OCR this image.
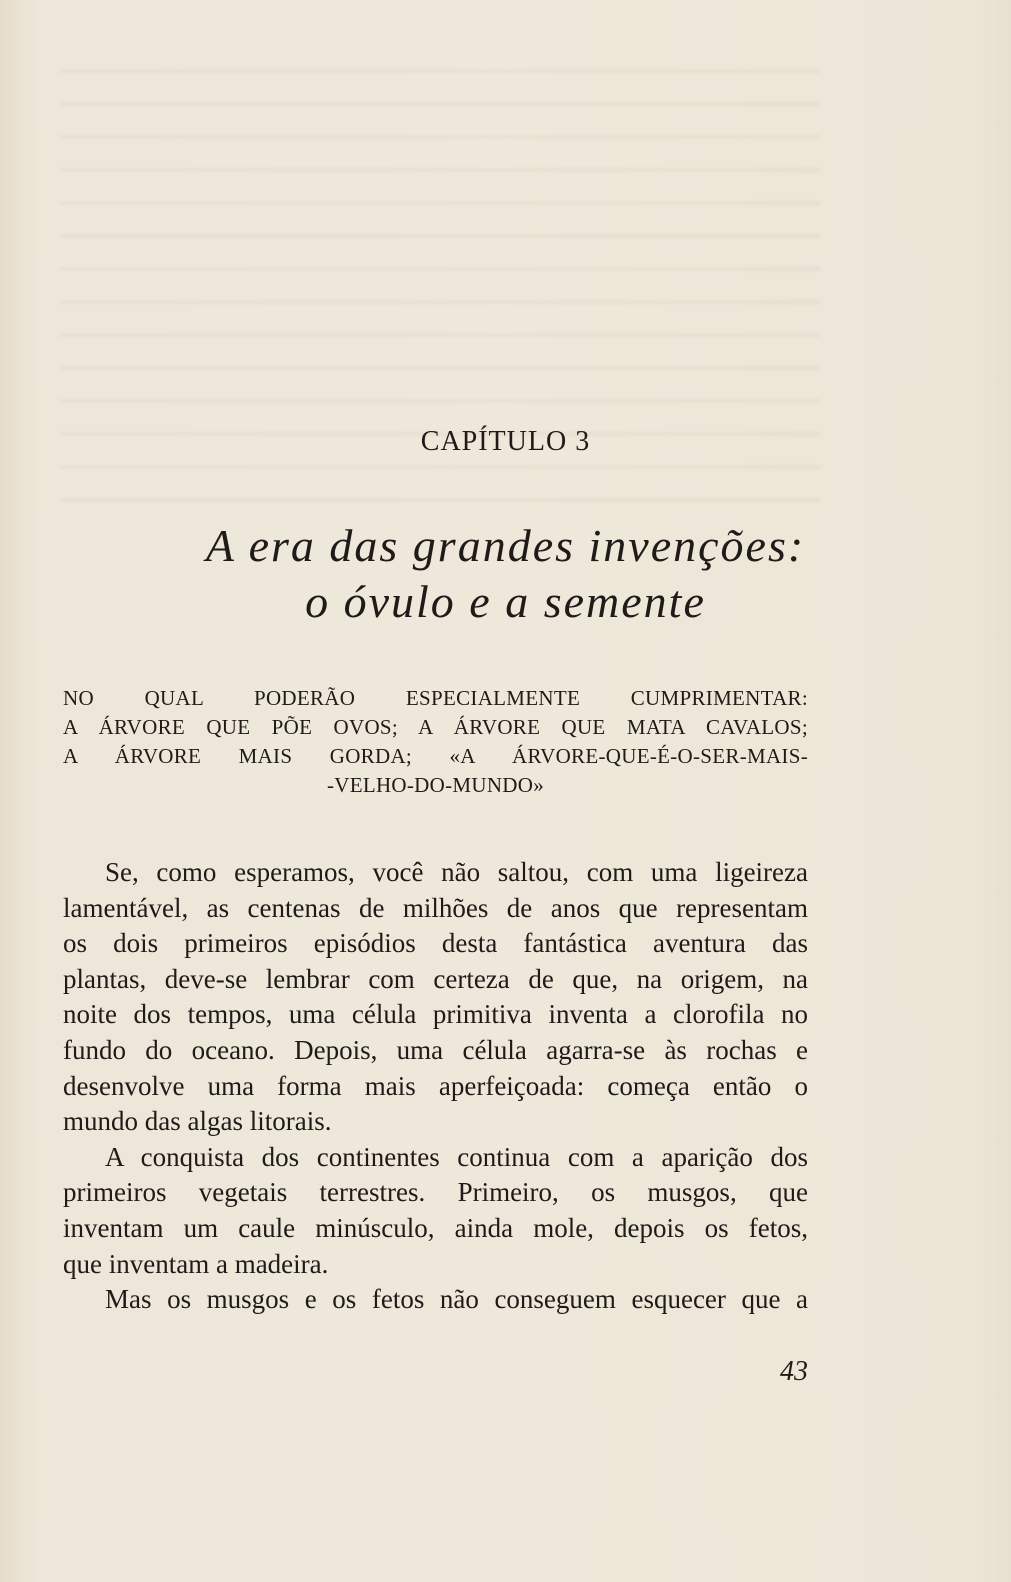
CAPÍTULO 3
A era das grandes invenções:
o óvulo e a semente
NO QUAL PODERÃO ESPECIALMENTE CUMPRIMENTAR:
A ÁRVORE QUE PÕE OVOS; A ÁRVORE QUE MATA CAVALOS;
A ÁRVORE MAIS GORDA; «A ÁRVORE-QUE-É-O-SER-MAIS-
-VELHO-DO-MUNDO»
Se, como esperamos, você não saltou, com uma ligeireza
lamentável, as centenas de milhões de anos que representam
os dois primeiros episódios desta fantástica aventura das
plantas, deve-se lembrar com certeza de que, na origem, na
noite dos tempos, uma célula primitiva inventa a clorofila no
fundo do oceano. Depois, uma célula agarra-se às rochas e
desenvolve uma forma mais aperfeiçoada: começa então o
mundo das algas litorais.
A conquista dos continentes continua com a aparição dos
primeiros vegetais terrestres. Primeiro, os musgos, que
inventam um caule minúsculo, ainda mole, depois os fetos,
que inventam a madeira.
Mas os musgos e os fetos não conseguem esquecer que a
43
